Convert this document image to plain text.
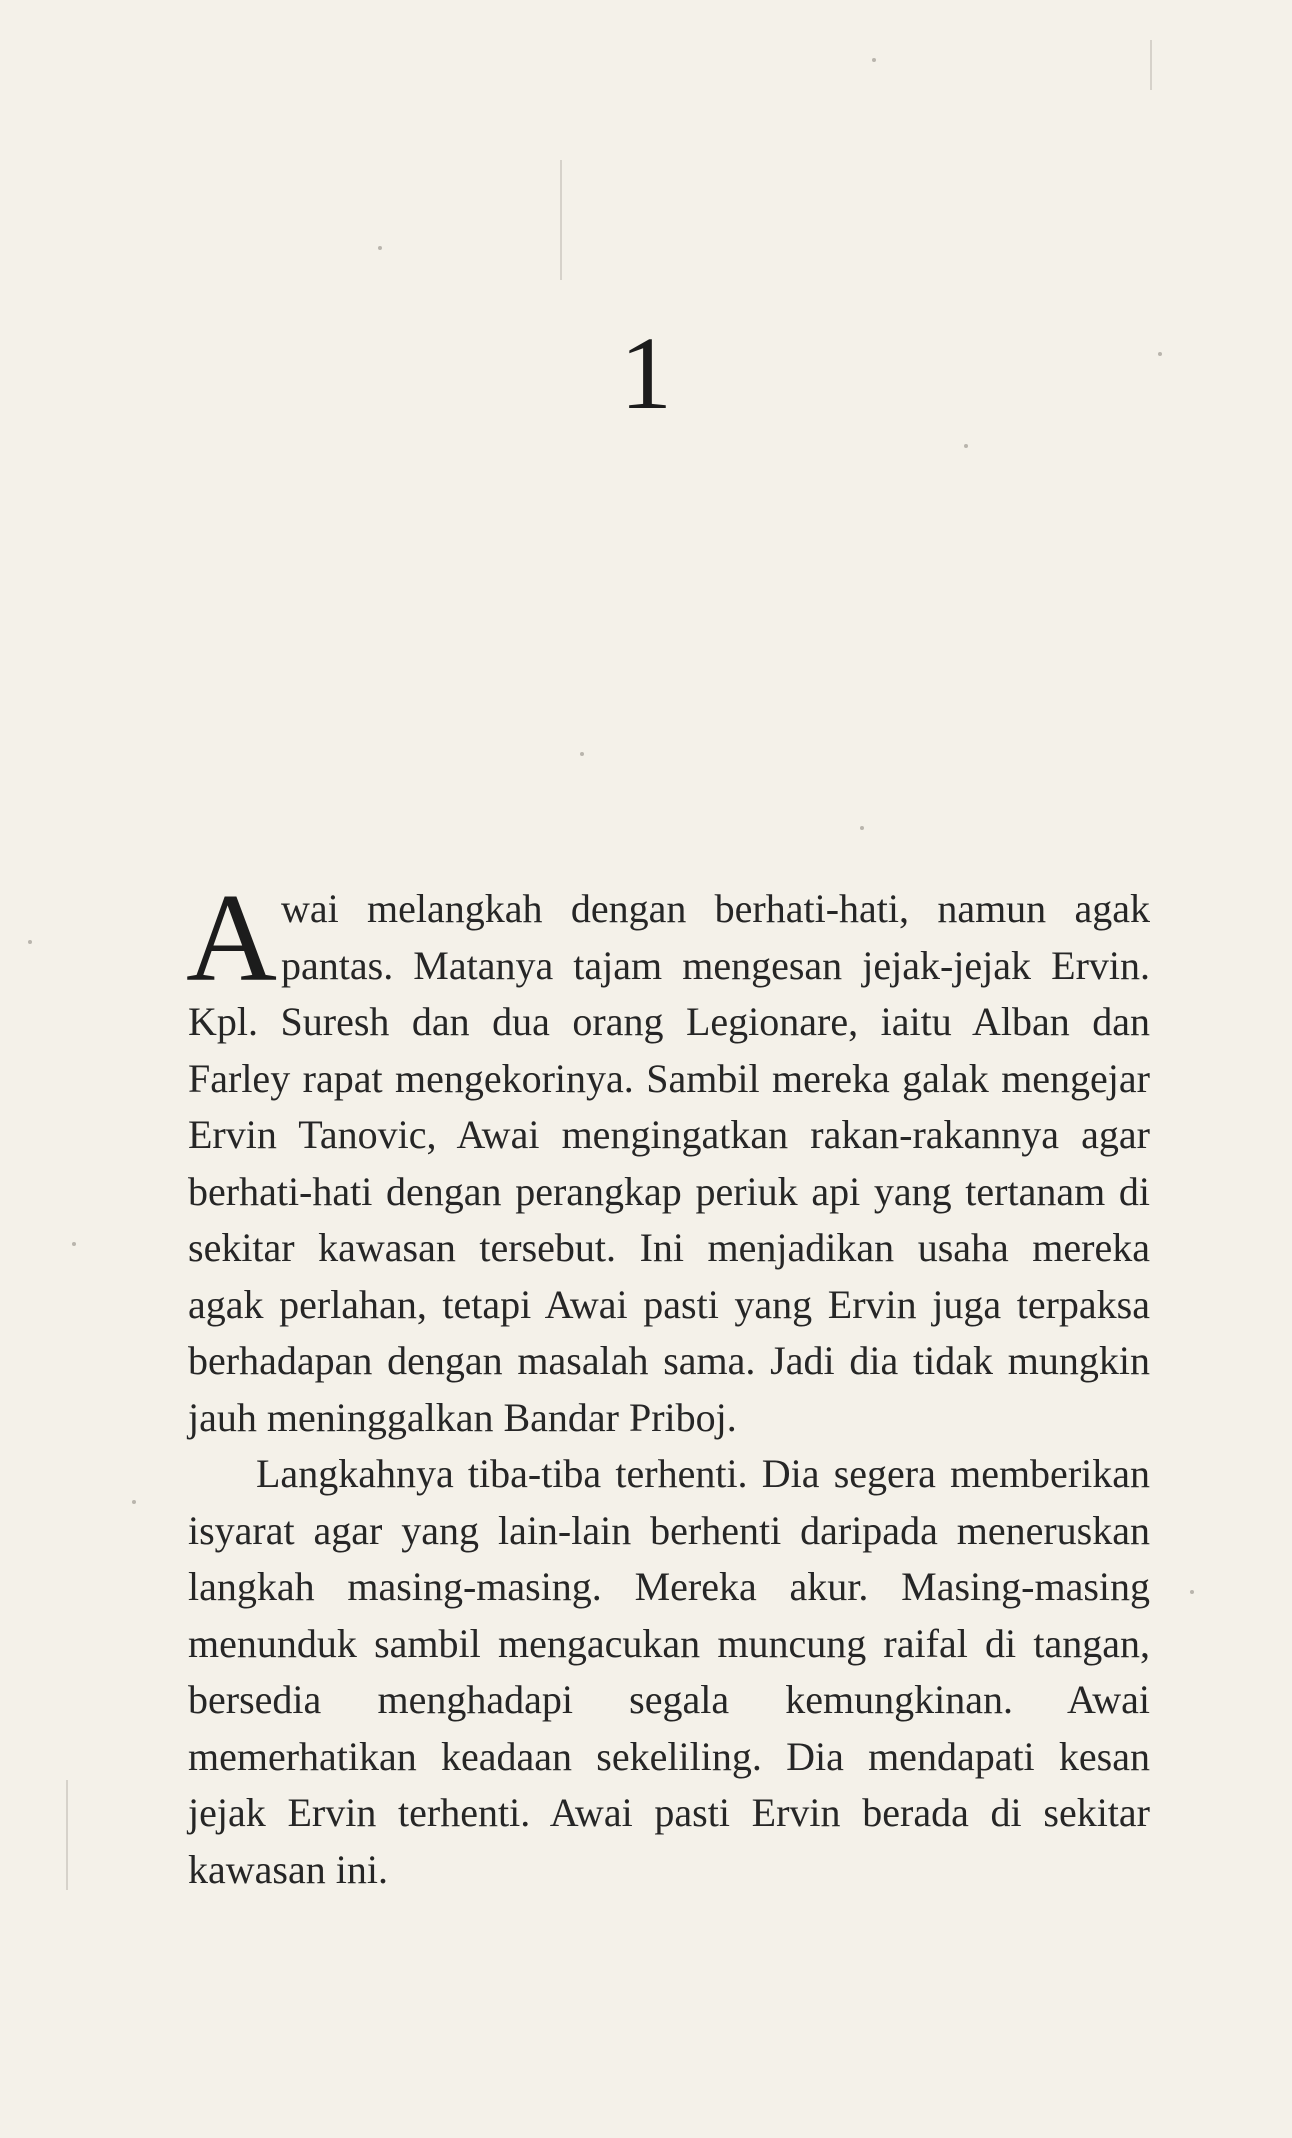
1

Awai melangkah dengan berhati-hati, namun agak pantas. Matanya tajam mengesan jejak-jejak Ervin. Kpl. Suresh dan dua orang Legionare, iaitu Alban dan Farley rapat mengekorinya. Sambil mereka galak mengejar Ervin Tanovic, Awai mengingatkan rakan-rakannya agar berhati-hati dengan perangkap periuk api yang tertanam di sekitar kawasan tersebut. Ini menjadikan usaha mereka agak perlahan, tetapi Awai pasti yang Ervin juga terpaksa berhadapan dengan masalah sama. Jadi dia tidak mungkin jauh meninggalkan Bandar Priboj.

Langkahnya tiba-tiba terhenti. Dia segera memberikan isyarat agar yang lain-lain berhenti daripada meneruskan langkah masing-masing. Mereka akur. Masing-masing menunduk sambil mengacukan muncung raifal di tangan, bersedia menghadapi segala kemungkinan. Awai memerhatikan keadaan sekeliling. Dia mendapati kesan jejak Ervin terhenti. Awai pasti Ervin berada di sekitar kawasan ini.
